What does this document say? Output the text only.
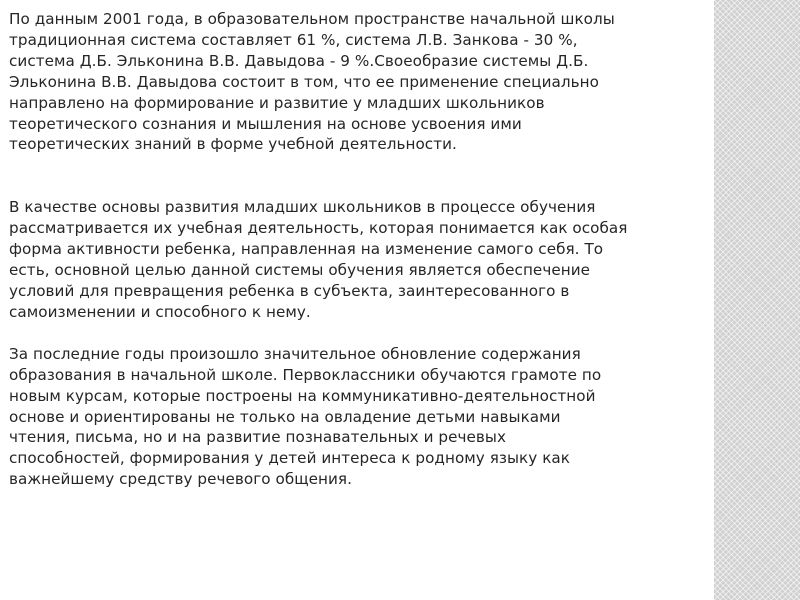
По данным 2001 года, в образовательном пространстве начальной школы
традиционная система составляет 61 %, система Л.В. Занкова - 30 %,
система Д.Б. Эльконина В.В. Давыдова - 9 %.Своеобразие системы Д.Б.
Эльконина В.В. Давыдова состоит в том, что ее применение специально
направлено на формирование и развитие у младших школьников
теоретического сознания и мышления на основе усвоения ими
теоретических знаний в форме учебной деятельности.

В качестве основы развития младших школьников в процессе обучения
рассматривается их учебная деятельность, которая понимается как особая
форма активности ребенка, направленная на изменение самого себя. То
есть, основной целью данной системы обучения является обеспечение
условий для превращения ребенка в субъекта, заинтересованного в
самоизменении и способного к нему.

За последние годы произошло значительное обновление содержания
образования в начальной школе. Первоклассники обучаются грамоте по
новым курсам, которые построены на коммуникативно-деятельностной
основе и ориентированы не только на овладение детьми навыками
чтения, письма, но и на развитие познавательных и речевых
способностей, формирования у детей интереса к родному языку как
важнейшему средству речевого общения.
